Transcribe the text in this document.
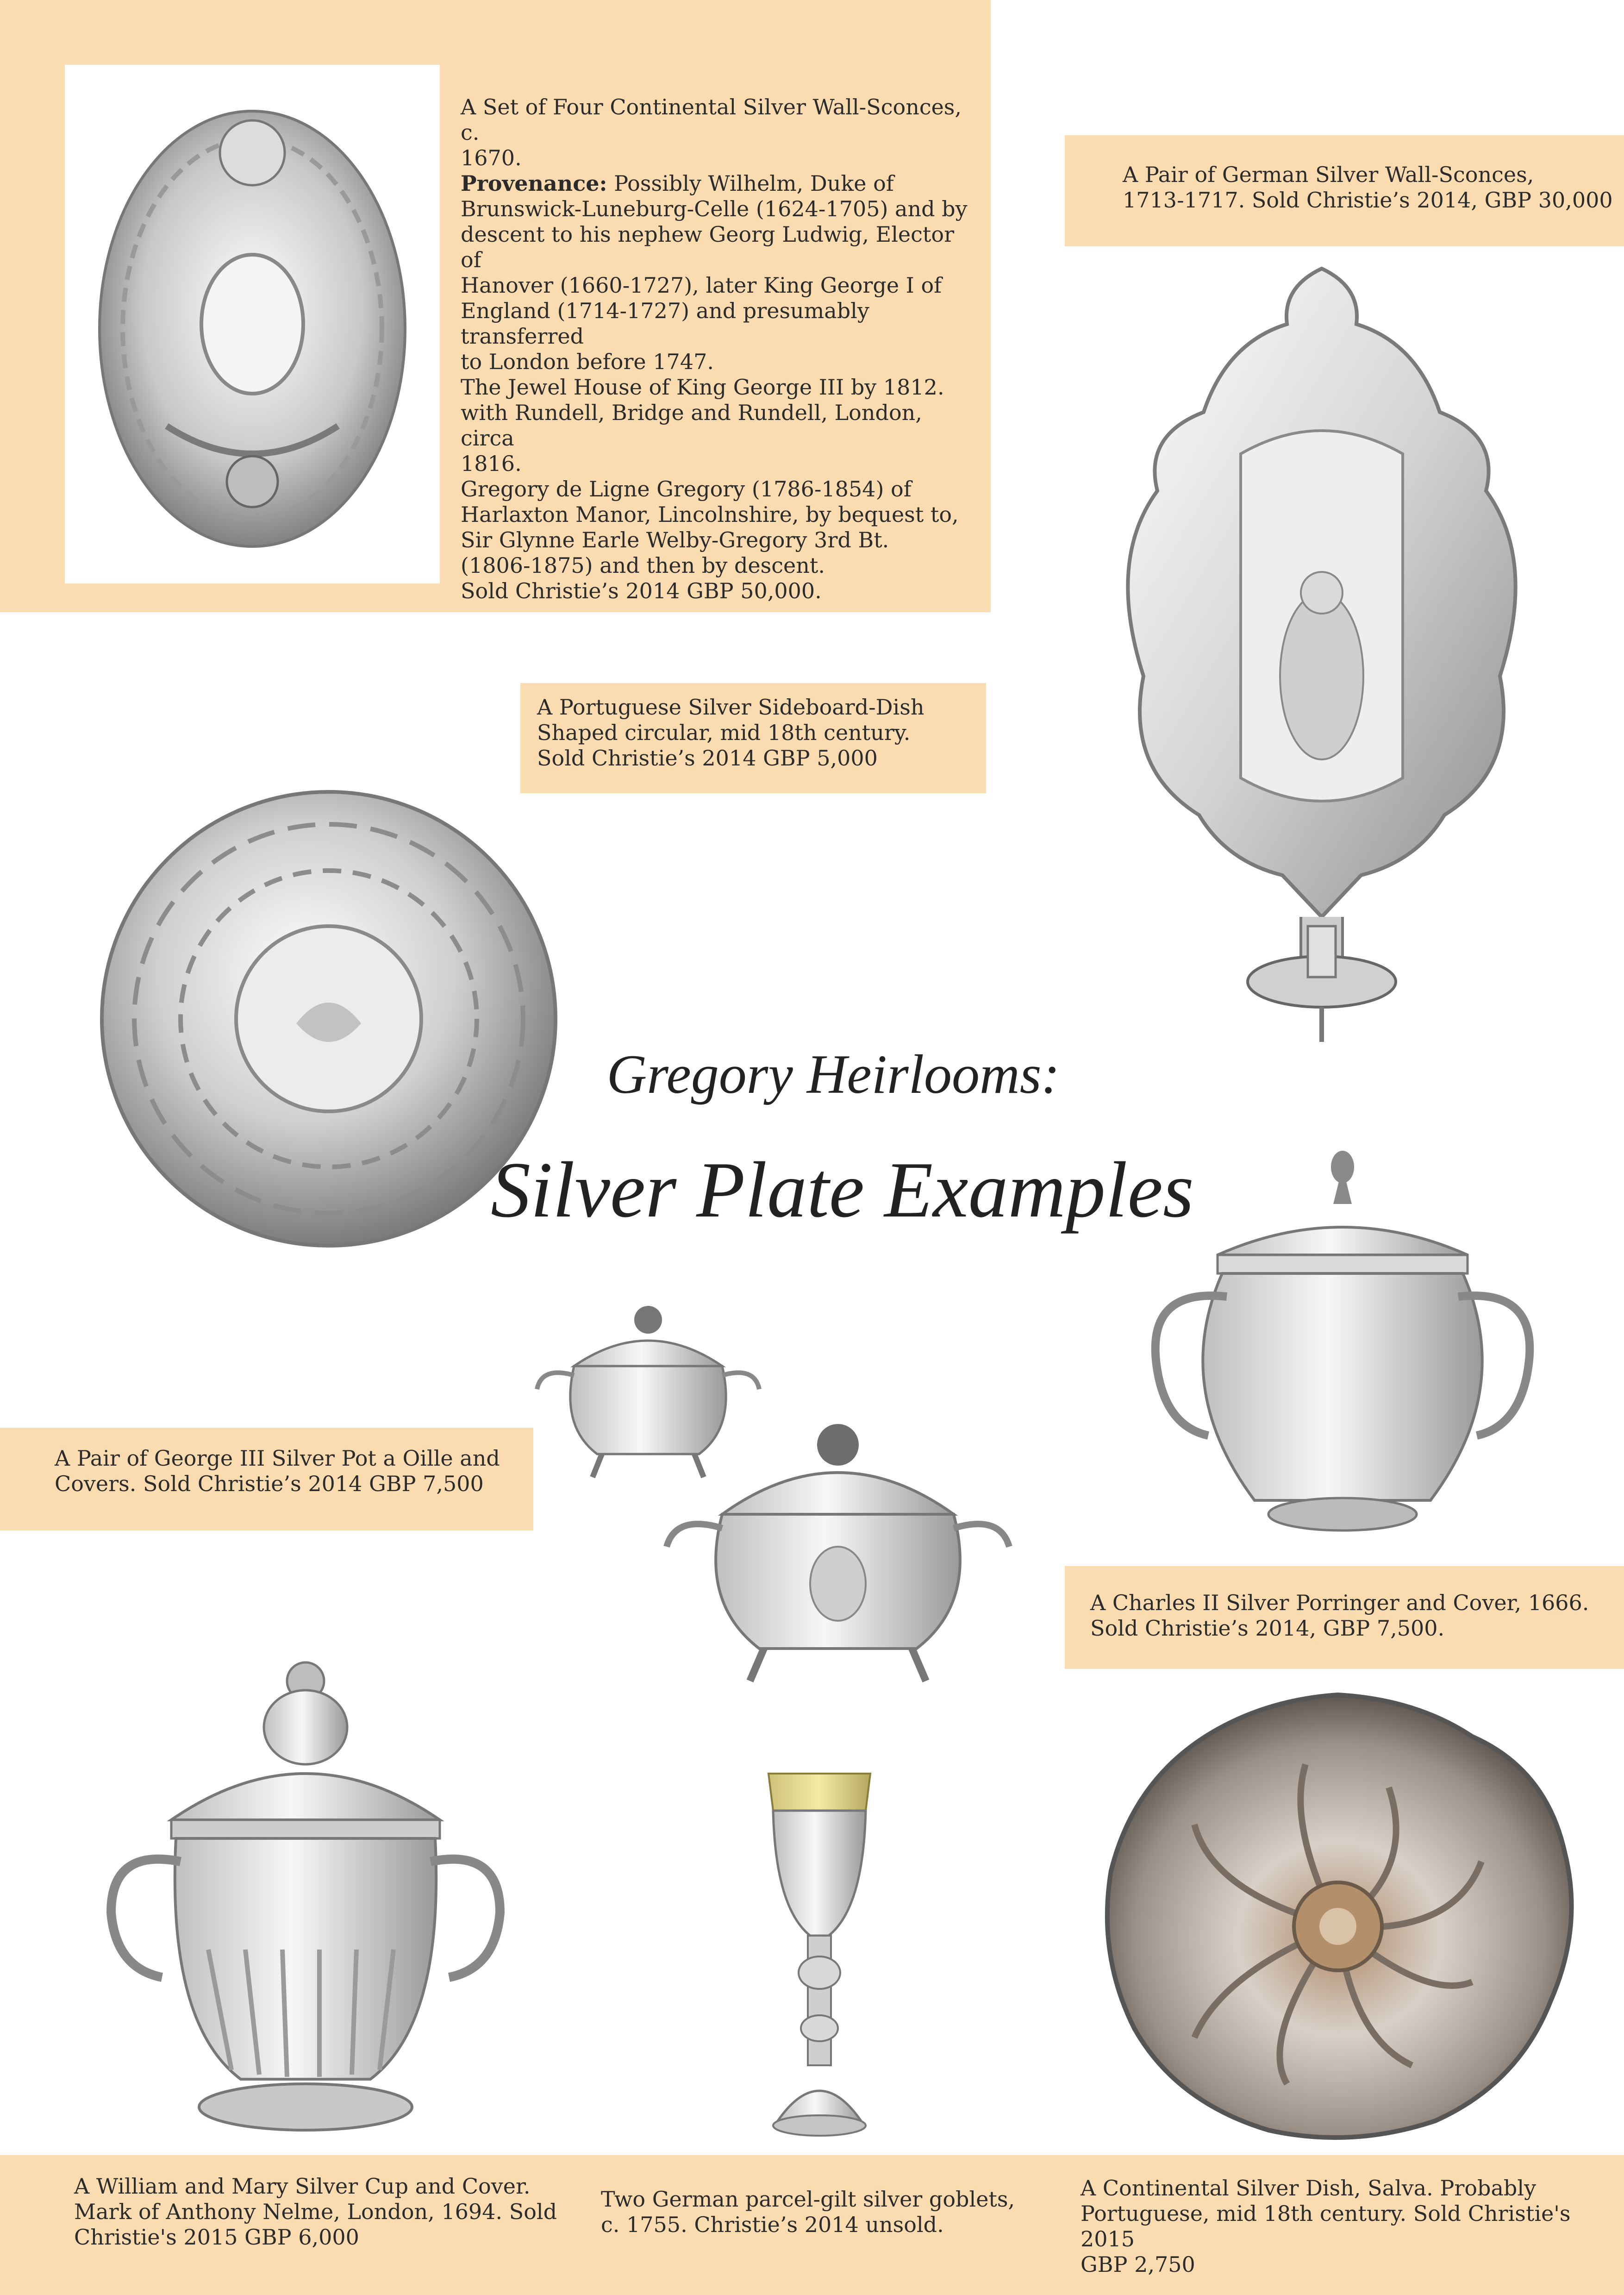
Gregory Heirlooms:
Silver Plate Examples
A Set of Four Continental Silver Wall-Sconces, c.
1670.
Provenance: Possibly Wilhelm, Duke of
Brunswick-Luneburg-Celle (1624-1705) and by
descent to his nephew Georg Ludwig, Elector of
Hanover (1660-1727), later King George I of
England (1714-1727) and presumably transferred
to London before 1747.
The Jewel House of King George III by 1812.
with Rundell, Bridge and Rundell, London, circa
1816.
Gregory de Ligne Gregory (1786-1854) of
Harlaxton Manor, Lincolnshire, by bequest to,
Sir Glynne Earle Welby-Gregory 3rd Bt.
(1806-1875) and then by descent.
Sold Christie’s 2014 GBP 50,000.
A Pair of German Silver Wall-Sconces,
1713-1717. Sold Christie’s 2014, GBP 30,000
A Portuguese Silver Sideboard-Dish
Shaped circular, mid 18th century.
Sold Christie’s 2014 GBP 5,000
A Pair of George III Silver Pot a Oille and
Covers. Sold Christie’s 2014 GBP 7,500
A Charles II Silver Porringer and Cover, 1666.
Sold Christie’s 2014, GBP 7,500.
A William and Mary Silver Cup and Cover.
Mark of Anthony Nelme, London, 1694. Sold
Christie's 2015 GBP 6,000
Two German parcel-gilt silver goblets,
c. 1755. Christie’s 2014 unsold.
A Continental Silver Dish, Salva. Probably
Portuguese, mid 18th century. Sold Christie's 2015
GBP 2,750
